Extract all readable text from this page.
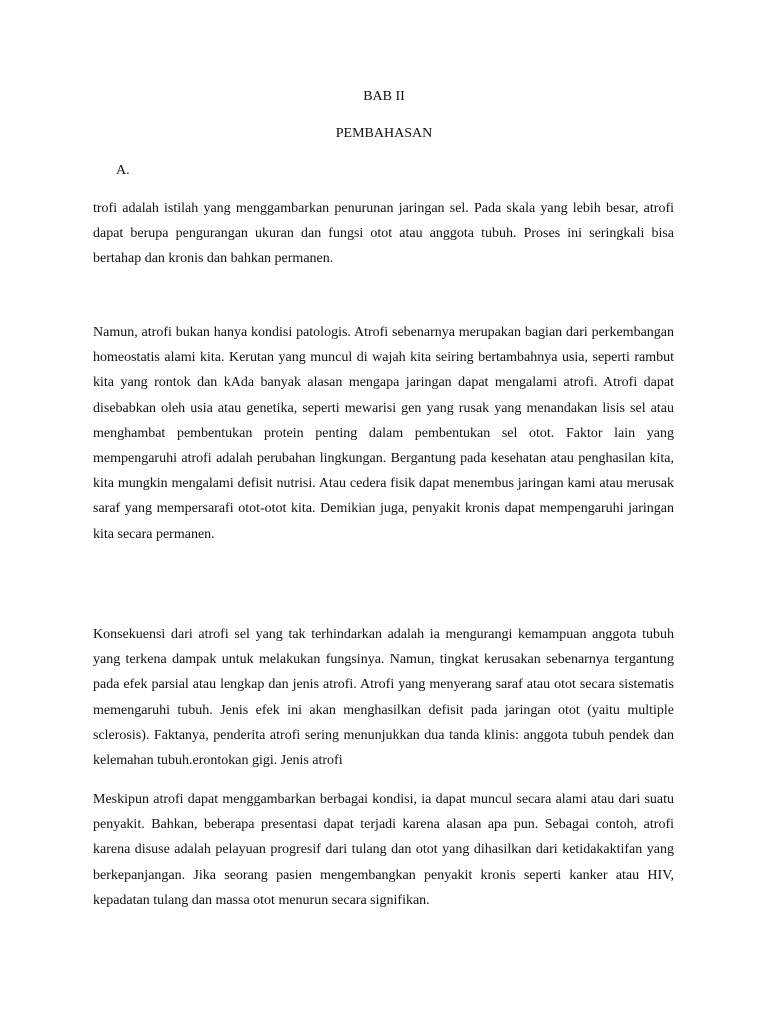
BAB II
PEMBAHASAN
A.

trofi adalah istilah yang menggambarkan penurunan jaringan sel. Pada skala yang lebih besar, atrofi dapat berupa pengurangan ukuran dan fungsi otot atau anggota tubuh. Proses ini seringkali bisa bertahap dan kronis dan bahkan permanen.

Namun, atrofi bukan hanya kondisi patologis. Atrofi sebenarnya merupakan bagian dari perkembangan homeostatis alami kita. Kerutan yang muncul di wajah kita seiring bertambahnya usia, seperti rambut kita yang rontok dan kAda banyak alasan mengapa jaringan dapat mengalami atrofi. Atrofi dapat disebabkan oleh usia atau genetika, seperti mewarisi gen yang rusak yang menandakan lisis sel atau menghambat pembentukan protein penting dalam pembentukan sel otot. Faktor lain yang mempengaruhi atrofi adalah perubahan lingkungan. Bergantung pada kesehatan atau penghasilan kita, kita mungkin mengalami defisit nutrisi. Atau cedera fisik dapat menembus jaringan kami atau merusak saraf yang mempersarafi otot-otot kita. Demikian juga, penyakit kronis dapat mempengaruhi jaringan kita secara permanen.

Konsekuensi dari atrofi sel yang tak terhindarkan adalah ia mengurangi kemampuan anggota tubuh yang terkena dampak untuk melakukan fungsinya. Namun, tingkat kerusakan sebenarnya tergantung pada efek parsial atau lengkap dan jenis atrofi. Atrofi yang menyerang saraf atau otot secara sistematis memengaruhi tubuh. Jenis efek ini akan menghasilkan defisit pada jaringan otot (yaitu multiple sclerosis). Faktanya, penderita atrofi sering menunjukkan dua tanda klinis: anggota tubuh pendek dan kelemahan tubuh.erontokan gigi. Jenis atrofi

Meskipun atrofi dapat menggambarkan berbagai kondisi, ia dapat muncul secara alami atau dari suatu penyakit. Bahkan, beberapa presentasi dapat terjadi karena alasan apa pun. Sebagai contoh, atrofi karena disuse adalah pelayuan progresif dari tulang dan otot yang dihasilkan dari ketidakaktifan yang berkepanjangan. Jika seorang pasien mengembangkan penyakit kronis seperti kanker atau HIV, kepadatan tulang dan massa otot menurun secara signifikan.
